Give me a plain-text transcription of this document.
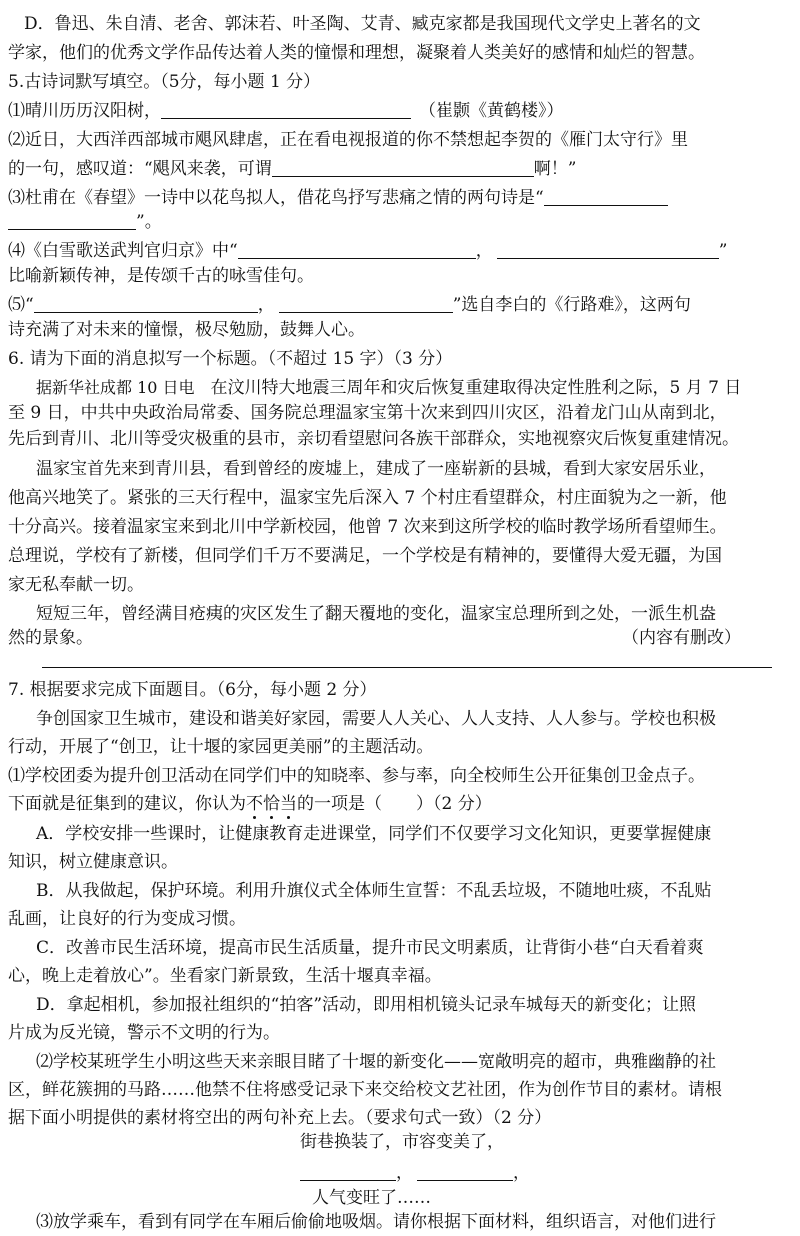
D．鲁迅、朱自清、老舍、郭沫若、叶圣陶、艾青、臧克家都是我国现代文学史上著名的文
学家，他们的优秀文学作品传达着人类的憧憬和理想，凝聚着人类美好的感情和灿烂的智慧。
5.古诗词默写填空。（5分，每小题 1 分）
⑴晴川历历汉阳树，	（崔颢《黄鹤楼》）
⑵近日，大西洋西部城市飓风肆虐，正在看电视报道的你不禁想起李贺的《雁门太守行》里
的一句，感叹道：“飓风来袭，可谓	啊！”
⑶杜甫在《春望》一诗中以花鸟拟人，借花鸟抒写悲痛之情的两句诗是“
”。
⑷《白雪歌送武判官归京》中“	，	”
比喻新颖传神，是传颂千古的咏雪佳句。
⑸“	，	”选自李白的《行路难》，这两句
诗充满了对未来的憧憬，极尽勉励，鼓舞人心。
6. 请为下面的消息拟写一个标题。（不超过 15 字）（3 分）
据新华社成都 10 日电 在汶川特大地震三周年和灾后恢复重建取得决定性胜利之际，5 月 7 日
至 9 日，中共中央政治局常委、国务院总理温家宝第十次来到四川灾区，沿着龙门山从南到北，
先后到青川、北川等受灾极重的县市，亲切看望慰问各族干部群众，实地视察灾后恢复重建情况。
温家宝首先来到青川县，看到曾经的废墟上，建成了一座崭新的县城，看到大家安居乐业，
他高兴地笑了。紧张的三天行程中，温家宝先后深入 7 个村庄看望群众，村庄面貌为之一新，他
十分高兴。接着温家宝来到北川中学新校园，他曾 7 次来到这所学校的临时教学场所看望师生。
总理说，学校有了新楼，但同学们千万不要满足，一个学校是有精神的，要懂得大爱无疆，为国
家无私奉献一切。
短短三年，曾经满目疮痍的灾区发生了翻天覆地的变化，温家宝总理所到之处，一派生机盎
然的景象。	（内容有删改）
7. 根据要求完成下面题目。（6分，每小题 2 分）
争创国家卫生城市，建设和谐美好家园，需要人人关心、人人支持、人人参与。学校也积极
行动，开展了“创卫，让十堰的家园更美丽”的主题活动。
⑴学校团委为提升创卫活动在同学们中的知晓率、参与率，向全校师生公开征集创卫金点子。
下面就是征集到的建议，你认为不恰当的一项是（ ）（2 分）
A．学校安排一些课时，让健康教育走进课堂，同学们不仅要学习文化知识，更要掌握健康
知识，树立健康意识。
B．从我做起，保护环境。利用升旗仪式全体师生宣誓：不乱丢垃圾，不随地吐痰，不乱贴
乱画，让良好的行为变成习惯。
C．改善市民生活环境，提高市民生活质量，提升市民文明素质，让背街小巷“白天看着爽
心，晚上走着放心”。坐看家门新景致，生活十堰真幸福。
D．拿起相机，参加报社组织的“拍客”活动，即用相机镜头记录车城每天的新变化；让照
片成为反光镜，警示不文明的行为。
⑵学校某班学生小明这些天来亲眼目睹了十堰的新变化——宽敞明亮的超市，典雅幽静的社
区，鲜花簇拥的马路……他禁不住将感受记录下来交给校文艺社团，作为创作节目的素材。请根
据下面小明提供的素材将空出的两句补充上去。（要求句式一致）（2 分）
街巷换装了，市容变美了，
，	，
人气变旺了……
⑶放学乘车，看到有同学在车厢后偷偷地吸烟。请你根据下面材料，组织语言，对他们进行
